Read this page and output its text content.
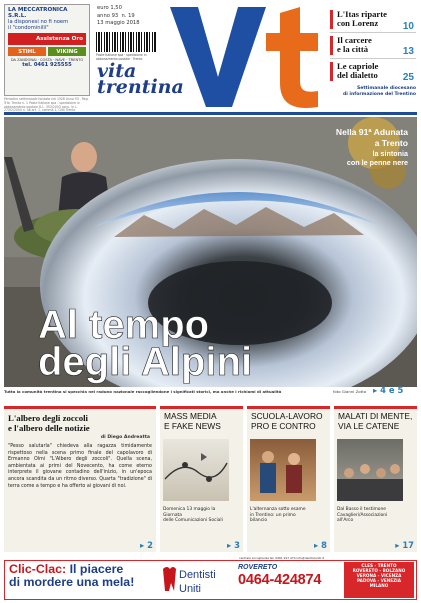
LA MECCATRONICA S.R.L.
la disponesi no fi noem
il "condominilli"
Assistenza Oro
STIHL	VIKING
DA ZANDONAI · COSTA · NAVE · TRENTO
tel. 0461 925555
Periodico settimanale fondato nel 1926 Anno 93 - Reg. Trib. Trento n. 1 Poste Italiane spa - spedizione in abbonamento postale D.L. 353/2003 conv. in L. 27/02/2004 n. 46 art. 1, comma 1, CNS Trento
euro 1,50
anno 93 n. 19
13 maggio 2018
Poste Italiane spa · spedizione in abbonamento postale · Trento
vita
trentina
L'Itas riparte
con Lorenz	10
Il carcere
e la città	13
Le capriole
del dialetto	25
Settimanale diocesano
di informazione del Trentino
Nella 91ª Adunata
a Trento
la sintonia
con le penne nere
Al tempo
degli Alpini
Tutta la comunità trentina si specchia nel raduno nazionale raccogliendone i significati storici, ma anche i richiami di attualità	foto Gianni Zotta ▸ 4 e 5
L'albero degli zoccoli
e l'albero delle notizie
di Diego Andreatta
"Pesso salutarla" chiedeva alla ragazza timidamente rispettoso nella scena primo finale del capolavoro di Ermanno Olmi "L'Albero degli zoccoli". Quella scena, ambientata ai primi del Novecento, ha come eterno interprete il giovane contadino dell'inizio, in un'epoca ancora scandita da un ritmo diverso. Quarta "tradizione" di terra come a tempo e ha offerto ai giovani di noi.
▸ 2
MASS MEDIA
E FAKE NEWS
Domenica 13 maggio la Giornata
delle Comunicazioni Sociali
▸ 3
SCUOLA-LAVORO
PRO E CONTRO
L'alternanza sotto esame
in Trentino: un primo bilancio
▸ 8
MALATI DI MENTE,
VIA LE CATENE
Dal Basso il testimone
Cavaglieri/Associazioni all'Arco
▸ 17
Clic-Clac: Il piacere
di mordere una mela!	Dentisti
Uniti
centrale accoglienza tel. 0461 917 474 info@dentistuniti.it
ROVERETO
0464-424874
CLES - TRENTO
ROVERETO - BOLZANO
VERONA - VICENZA
PADOVA - VENEZIA
MILANO
